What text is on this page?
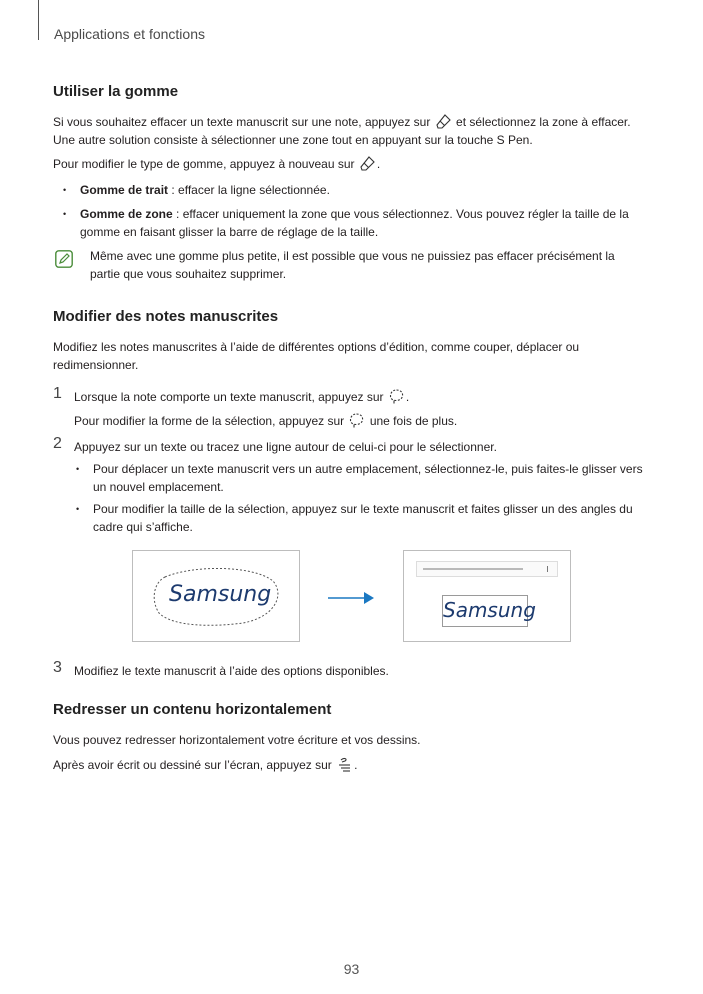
Applications et fonctions
Utiliser la gomme

Si vous souhaitez effacer un texte manuscrit sur une note, appuyez sur et sélectionnez la zone à effacer.
Une autre solution consiste à sélectionner une zone tout en appuyant sur la touche S Pen.

Pour modifier le type de gomme, appuyez à nouveau sur .

• Gomme de trait : effacer la ligne sélectionnée.

• Gomme de zone : effacer uniquement la zone que vous sélectionnez. Vous pouvez régler la taille de la gomme en faisant glisser la barre de réglage de la taille.

Même avec une gomme plus petite, il est possible que vous ne puissiez pas effacer précisément la partie que vous souhaitez supprimer.

Modifier des notes manuscrites

Modifiez les notes manuscrites à l’aide de différentes options d’édition, comme couper, déplacer ou redimensionner.

1 Lorsque la note comporte un texte manuscrit, appuyez sur .

Pour modifier la forme de la sélection, appuyez sur une fois de plus.

2 Appuyez sur un texte ou tracez une ligne autour de celui-ci pour le sélectionner.

• Pour déplacer un texte manuscrit vers un autre emplacement, sélectionnez-le, puis faites-le glisser vers un nouvel emplacement.

• Pour modifier la taille de la sélection, appuyez sur le texte manuscrit et faites glisser un des angles du cadre qui s’affiche.

Samsung
Samsung
3 Modifiez le texte manuscrit à l’aide des options disponibles.

Redresser un contenu horizontalement

Vous pouvez redresser horizontalement votre écriture et vos dessins.

Après avoir écrit ou dessiné sur l’écran, appuyez sur .

93
